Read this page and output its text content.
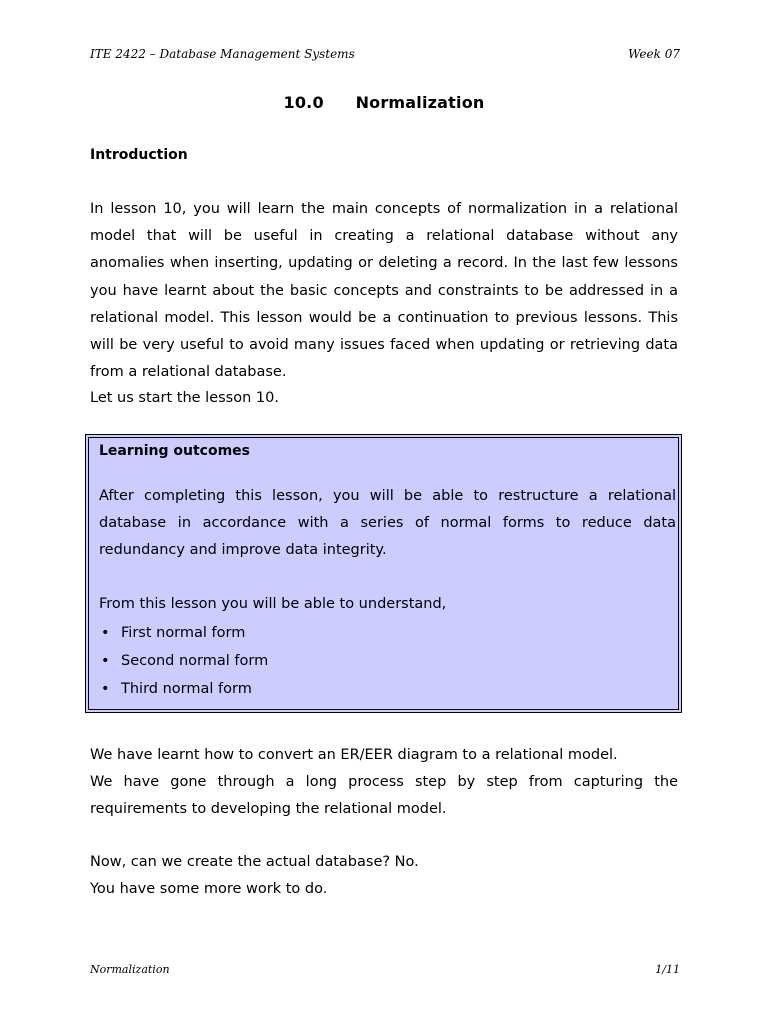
ITE 2422 – Database Management Systems	Week 07
10.0 Normalization
Introduction
In lesson 10, you will learn the main concepts of normalization in a relational model that will be useful in creating a relational database without any anomalies when inserting, updating or deleting a record. In the last few lessons you have learnt about the basic concepts and constraints to be addressed in a relational model. This lesson would be a continuation to previous lessons. This will be very useful to avoid many issues faced when updating or retrieving data from a relational database.
Let us start the lesson 10.
Learning outcomes
After completing this lesson, you will be able to restructure a relational database in accordance with a series of normal forms to reduce data redundancy and improve data integrity.
From this lesson you will be able to understand,
• First normal form
• Second normal form
• Third normal form
We have learnt how to convert an ER/EER diagram to a relational model.
We have gone through a long process step by step from capturing the requirements to developing the relational model.
Now, can we create the actual database? No.
You have some more work to do.
Normalization	1/11
